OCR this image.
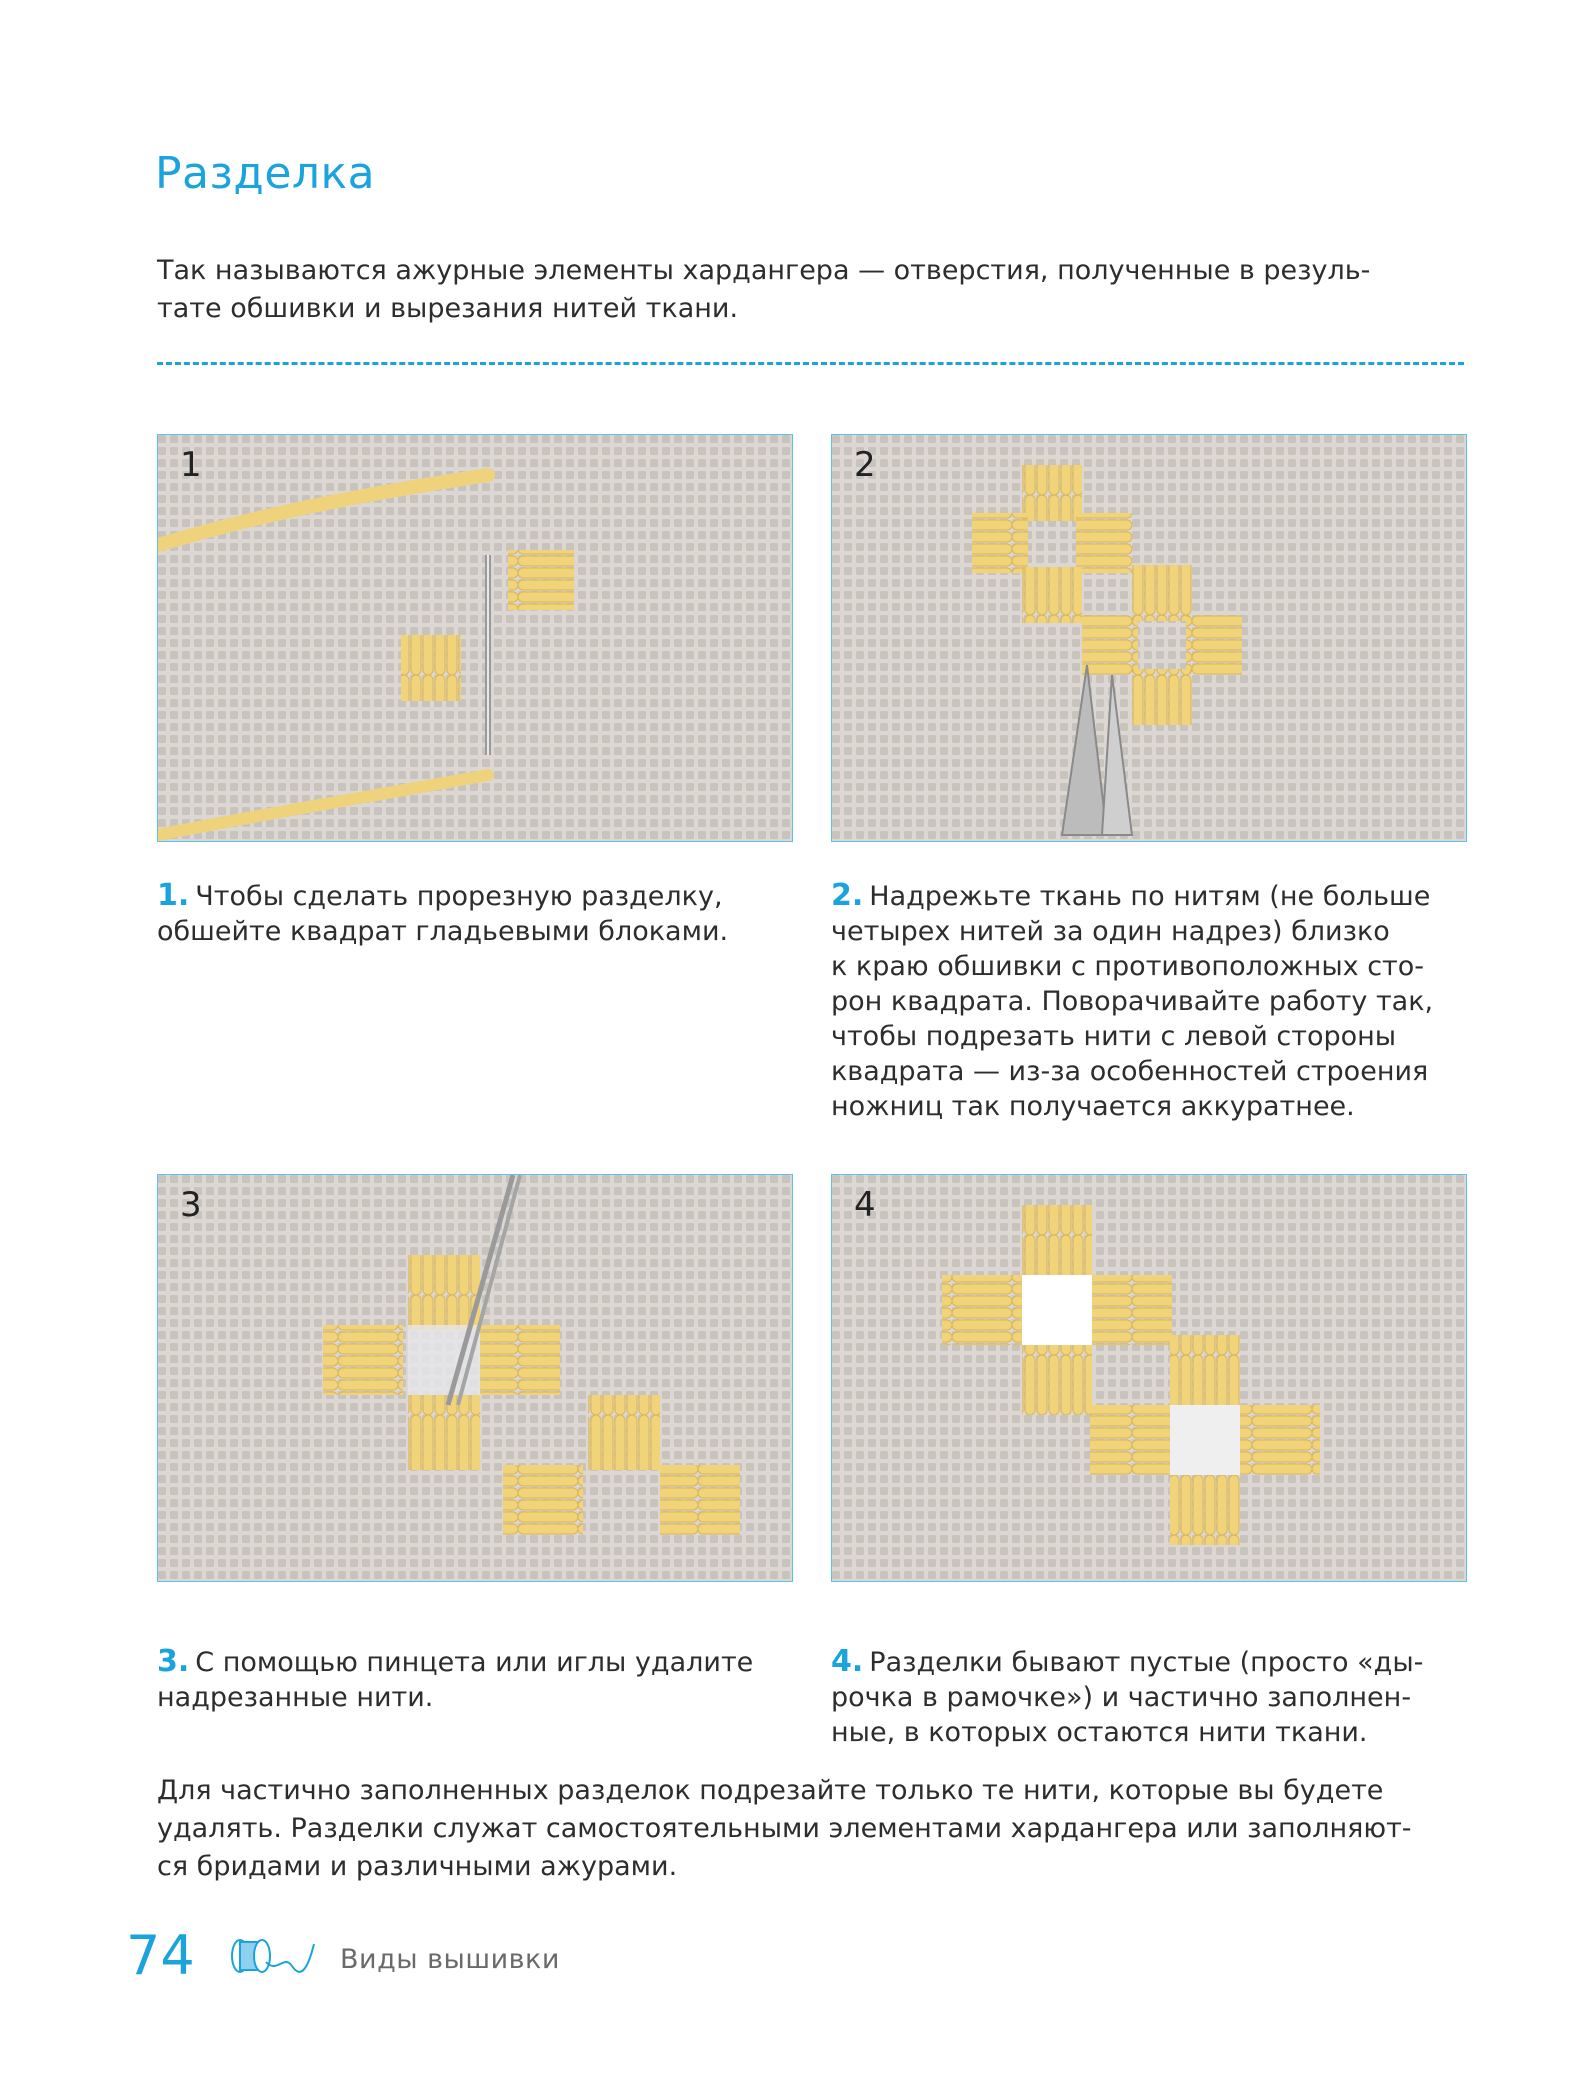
Разделка

Так называются ажурные элементы хардангера — отверстия, полученные в резуль-

тате обшивки и вырезания нитей ткани.

1	2
3	4

1. Чтобы сделать прорезную разделку,

обшейте квадрат гладьевыми блоками.

2. Надрежьте ткань по нитям (не больше

четырех нитей за один надрез) близко

к краю обшивки с противоположных сто-

рон квадрата. Поворачивайте работу так,

чтобы подрезать нити с левой стороны

квадрата — из-за особенностей строения

ножниц так получается аккуратнее.

3. С помощью пинцета или иглы удалите

надрезанные нити.

4. Разделки бывают пустые (просто «ды-

рочка в рамочке») и частично заполнен-

ные, в которых остаются нити ткани.

Для частично заполненных разделок подрезайте только те нити, которые вы будете

удалять. Разделки служат самостоятельными элементами хардангера или заполняют-

ся бридами и различными ажурами.

74	Виды вышивки
